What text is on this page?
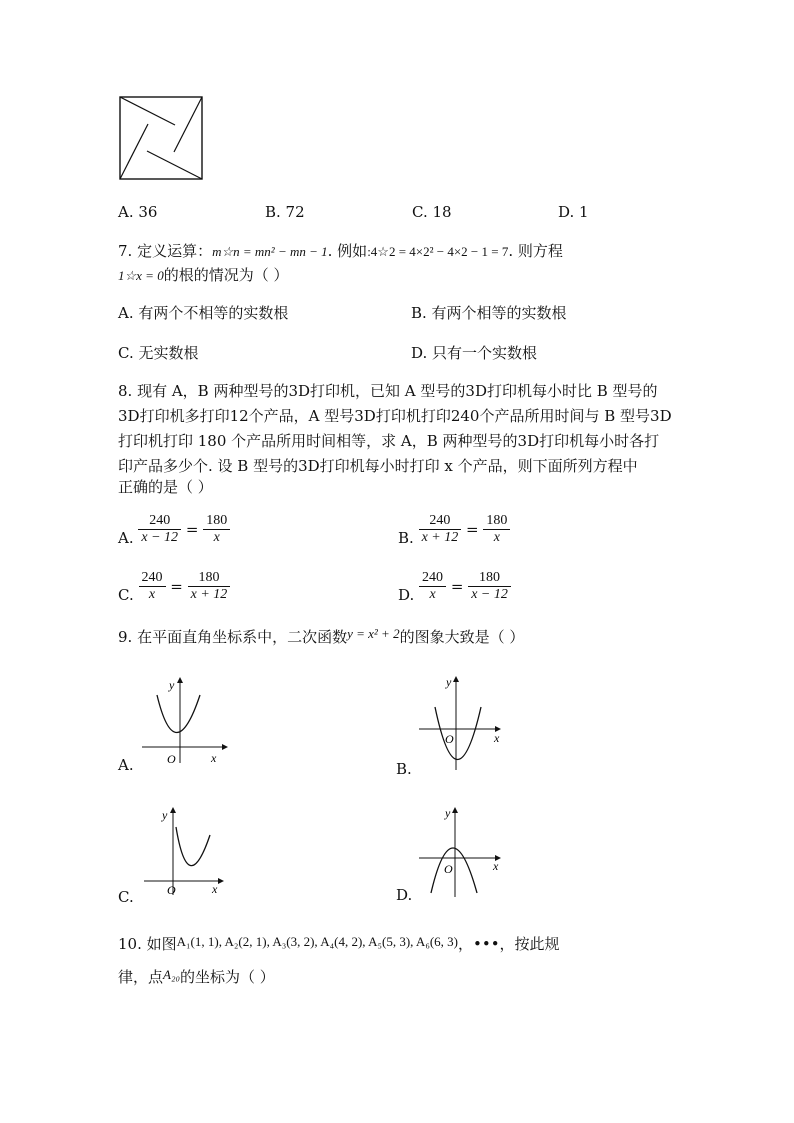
A. 36	B. 72	C. 18	D. 1
7. 定义运算：m☆n = mn² − mn − 1. 例如:4☆2 = 4×2² − 4×2 − 1 = 7. 则方程
1☆x = 0的根的情况为（ ）
A. 有两个不相等的实数根	B. 有两个相等的实数根
C. 无实数根	D. 只有一个实数根
8. 现有 A，B 两种型号的3D打印机，已知 A 型号的3D打印机每小时比 B 型号的
3D打印机多打印12个产品，A 型号3D打印机打印240个产品所用时间与 B 型号3D
打印机打印 180 个产品所用时间相等，求 A，B 两种型号的3D打印机每小时各打
印产品多少个. 设 B 型号的3D打印机每小时打印 x 个产品，则下面所列方程中
正确的是（ ）
A. $\frac{240}{x - 12} = \frac{180}{x}$	B. $\frac{240}{x + 12} = \frac{180}{x}$
C. $\frac{240}{x} = \frac{180}{x + 12}$	D. $\frac{240}{x} = \frac{180}{x - 12}$
9. 在平面直角坐标系中，二次函数y = x² + 2的图象大致是（ ）
y
x
O
A.
y
x
O
B.
y
x
O
C.
y
x
O
D.
10. 如图A₁(1, 1), A₂(2, 1), A₃(3, 2), A₄(4, 2), A₅(5, 3), A₆(6, 3)，•••，按此规
律，点A₂₀的坐标为（ ）
